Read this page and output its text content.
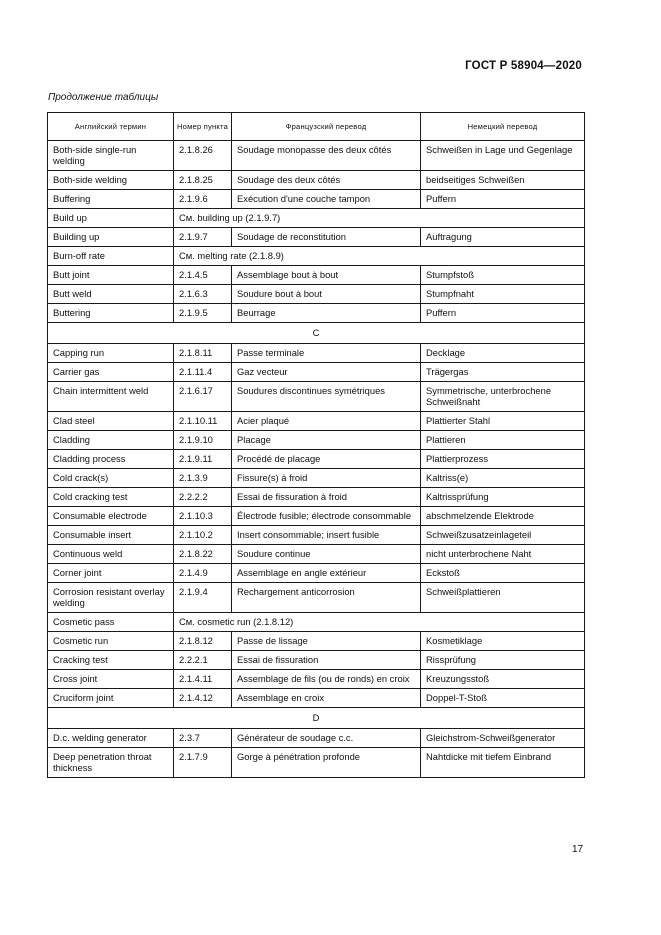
ГОСТ Р 58904—2020
Продолжение таблицы
Английский термин	Номер пункта	Французский перевод	Немецкий перевод
Both-side single-run welding	2.1.8.26	Soudage monopasse des deux côtés	Schweißen in Lage und Gegenlage
Both-side welding	2.1.8.25	Soudage des deux côtés	beidseitiges Schweißen
Buffering	2.1.9.6	Exécution d'une couche tampon	Puffern
Build up	См. building up (2.1.9.7)		
Building up	2.1.9.7	Soudage de reconstitution	Auftragung
Burn-off rate	См. melting rate (2.1.8.9)		
Butt joint	2.1.4.5	Assemblage bout à bout	Stumpfstoß
Butt weld	2.1.6.3	Soudure bout à bout	Stumpfnaht
Buttering	2.1.9.5	Beurrage	Puffern
C			
Capping run	2.1.8.11	Passe terminale	Decklage
Carrier gas	2.1.11.4	Gaz vecteur	Trägergas
Chain intermittent weld	2.1.6.17	Soudures discontinues symétriques	Symmetrische, unterbrochene Schweißnaht
Clad steel	2.1.10.11	Acier plaqué	Plattierter Stahl
Cladding	2.1.9.10	Placage	Plattieren
Cladding process	2.1.9.11	Procédé de placage	Plattierprozess
Cold crack(s)	2.1.3.9	Fissure(s) à froid	Kaltriss(e)
Cold cracking test	2.2.2.2	Essai de fissuration à froid	Kaltrissprüfung
Consumable electrode	2.1.10.3	Électrode fusible; électrode consommable	abschmelzende Elektrode
Consumable insert	2.1.10.2	Insert consommable; insert fusible	Schweißzusatzeinlageteil
Continuous weld	2.1.8.22	Soudure continue	nicht unterbrochene Naht
Corner joint	2.1.4.9	Assemblage en angle extérieur	Eckstoß
Corrosion resistant overlay welding	2.1.9.4	Rechargement anticorrosion	Schweißplattieren
Cosmetic pass	См. cosmetic run (2.1.8.12)		
Cosmetic run	2.1.8.12	Passe de lissage	Kosmetiklage
Cracking test	2.2.2.1	Essai de fissuration	Rissprüfung
Cross joint	2.1.4.11	Assemblage de fils (ou de ronds) en croix	Kreuzungsstoß
Cruciform joint	2.1.4.12	Assemblage en croix	Doppel-T-Stoß
D			
D.c. welding generator	2.3.7	Générateur de soudage c.c.	Gleichstrom-Schweißgenerator
Deep penetration throat thickness	2.1.7.9	Gorge à pénétration profonde	Nahtdicke mit tiefem Einbrand
17
